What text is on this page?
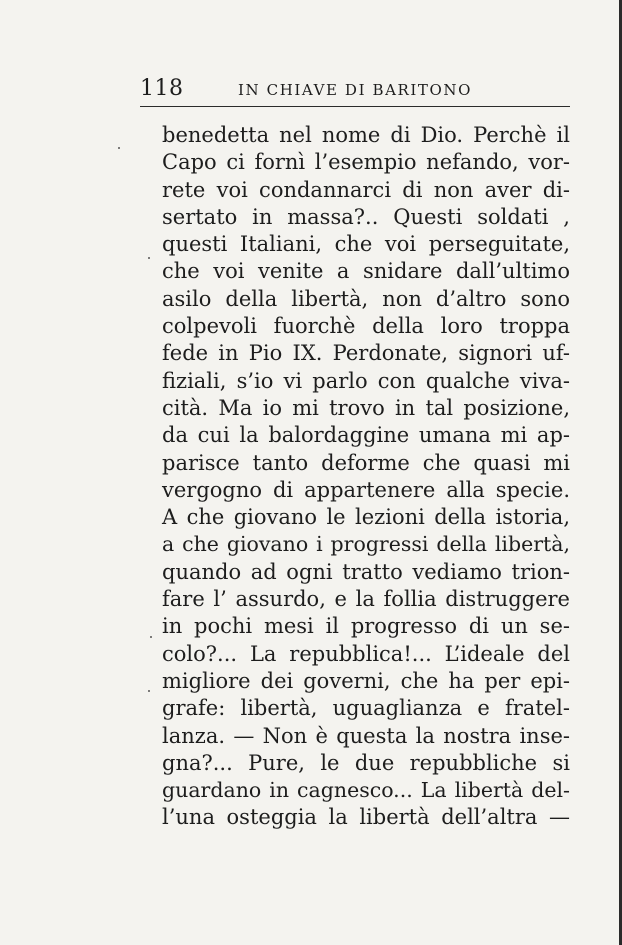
118	IN CHIAVE DI BARITONO
benedetta nel nome di Dio. Perchè il
Capo ci fornì l’esempio nefando, vor-
rete voi condannarci di non aver di-
sertato in massa?.. Questi soldati ,
questi Italiani, che voi perseguitate,
che voi venite a snidare dall’ultimo
asilo della libertà, non d’altro sono
colpevoli fuorchè della loro troppa
fede in Pio IX. Perdonate, signori uf-
fiziali, s’io vi parlo con qualche viva-
cità. Ma io mi trovo in tal posizione,
da cui la balordaggine umana mi ap-
parisce tanto deforme che quasi mi
vergogno di appartenere alla specie.
A che giovano le lezioni della istoria,
a che giovano i progressi della libertà,
quando ad ogni tratto vediamo trion-
fare l’ assurdo, e la follia distruggere
in pochi mesi il progresso di un se-
colo?... La repubblica!... L’ideale del
migliore dei governi, che ha per epi-
grafe: libertà, uguaglianza e fratel-
lanza. — Non è questa la nostra inse-
gna?... Pure, le due repubbliche si
guardano in cagnesco... La libertà del-
l’una osteggia la libertà dell’altra —
